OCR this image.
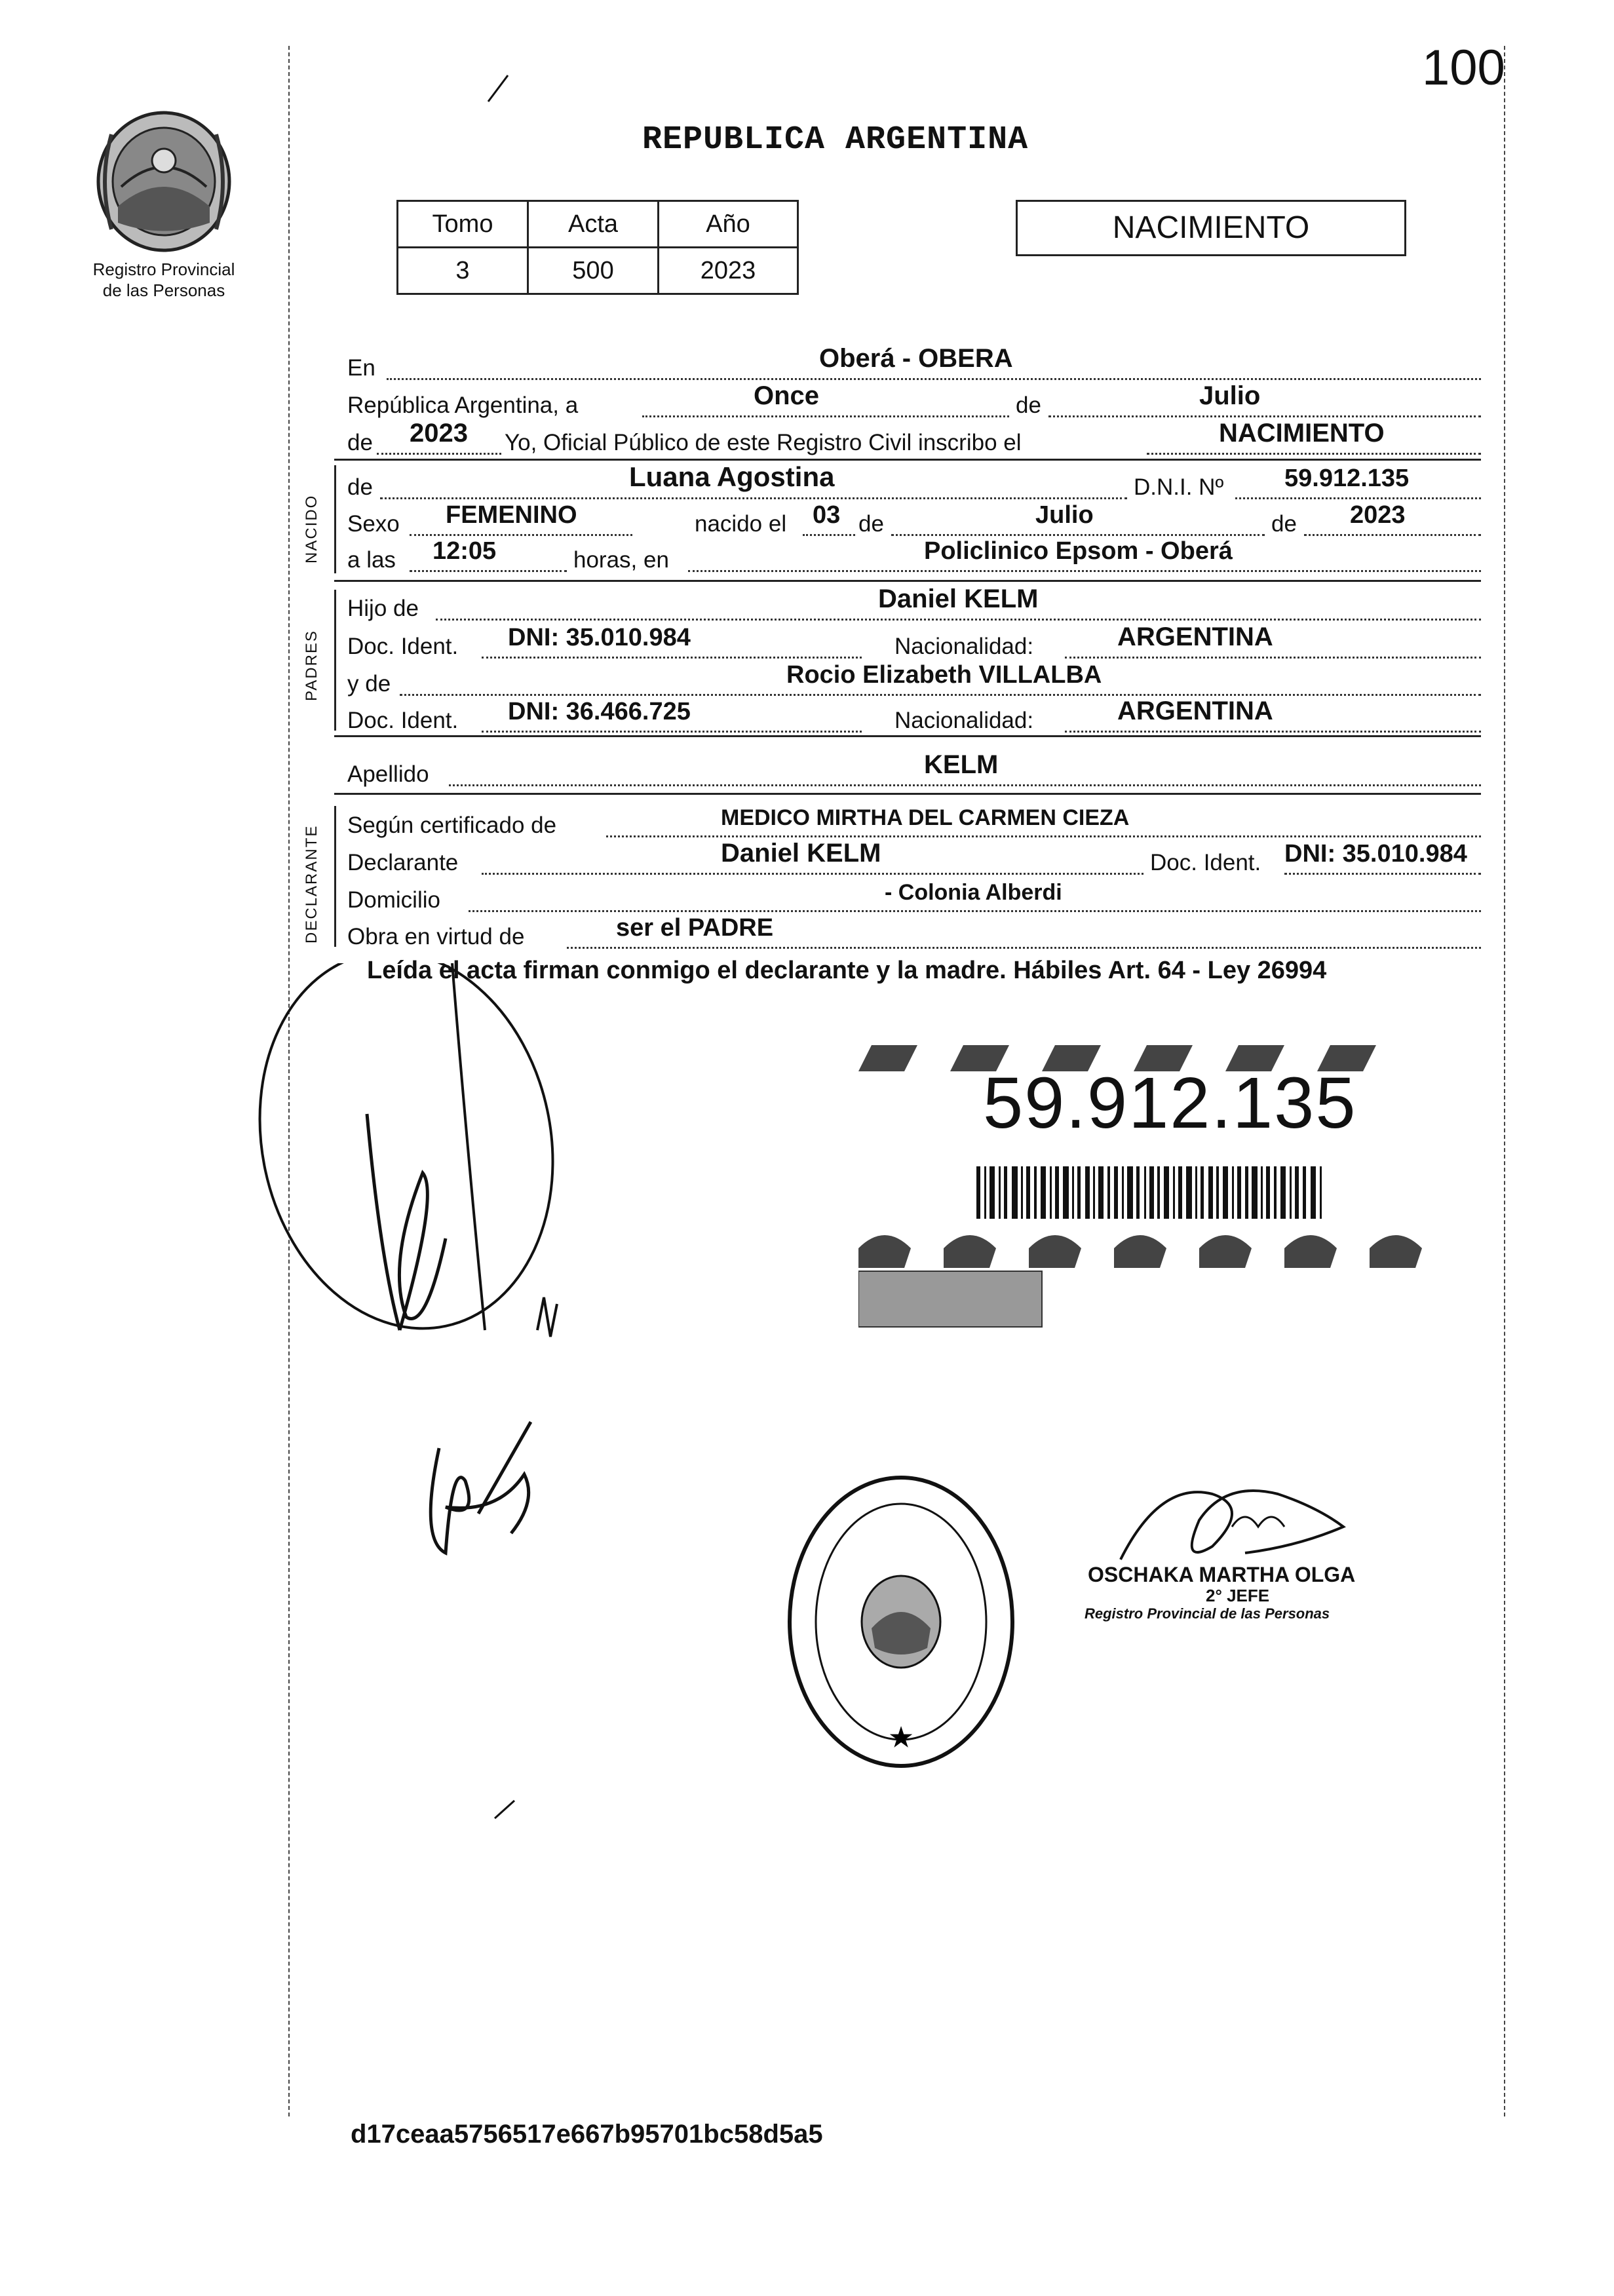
100
Registro Provincial
de las Personas
REPUBLICA ARGENTINA
Tomo	Acta	Año
3	500	2023
NACIMIENTO
En	Oberá - OBERA
República Argentina, a	Once	de	Julio
de 2023 Yo, Oficial Público de este Registro Civil inscribo el	NACIMIENTO
NACIDO
de	Luana Agostina	D.N.I. Nº 59.912.135
Sexo FEMENINO	nacido el 03 de	Julio	de 2023
a las 12:05	horas, en	Policlinico Epsom - Oberá
PADRES
Hijo de	Daniel KELM
Doc. Ident. DNI: 35.010.984	Nacionalidad:	ARGENTINA
y de	Rocio Elizabeth VILLALBA
Doc. Ident. DNI: 36.466.725	Nacionalidad:	ARGENTINA
Apellido	KELM
DECLARANTE Según certificado de	MEDICO MIRTHA DEL CARMEN CIEZA
Declarante	Daniel KELM	Doc. Ident. DNI: 35.010.984
Domicilio	- Colonia Alberdi
Obra en virtud de	ser el PADRE
Leída el acta firman conmigo el declarante y la madre. Hábiles Art. 64 - Ley 26994
59.912.135
★
OSCHAKA MARTHA OLGA
2° JEFE
Registro Provincial de las Personas
d17ceaa5756517e667b95701bc58d5a5
